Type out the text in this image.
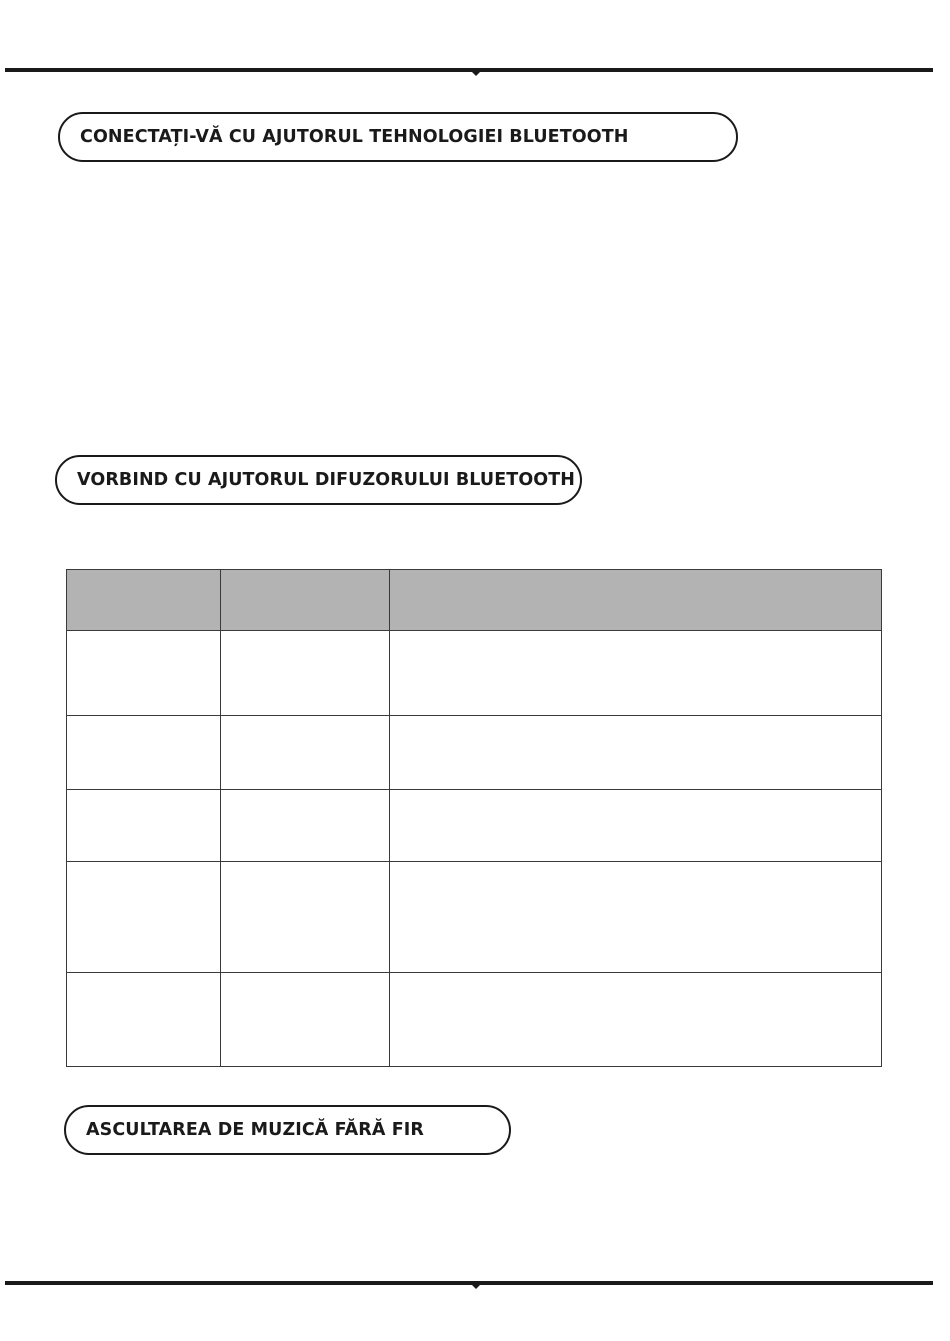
CONECTAȚI-VĂ CU AJUTORUL TEHNOLOGIEI BLUETOOTH
VORBIND CU AJUTORUL DIFUZORULUI BLUETOOTH

ASCULTAREA DE MUZICĂ FĂRĂ FIR
